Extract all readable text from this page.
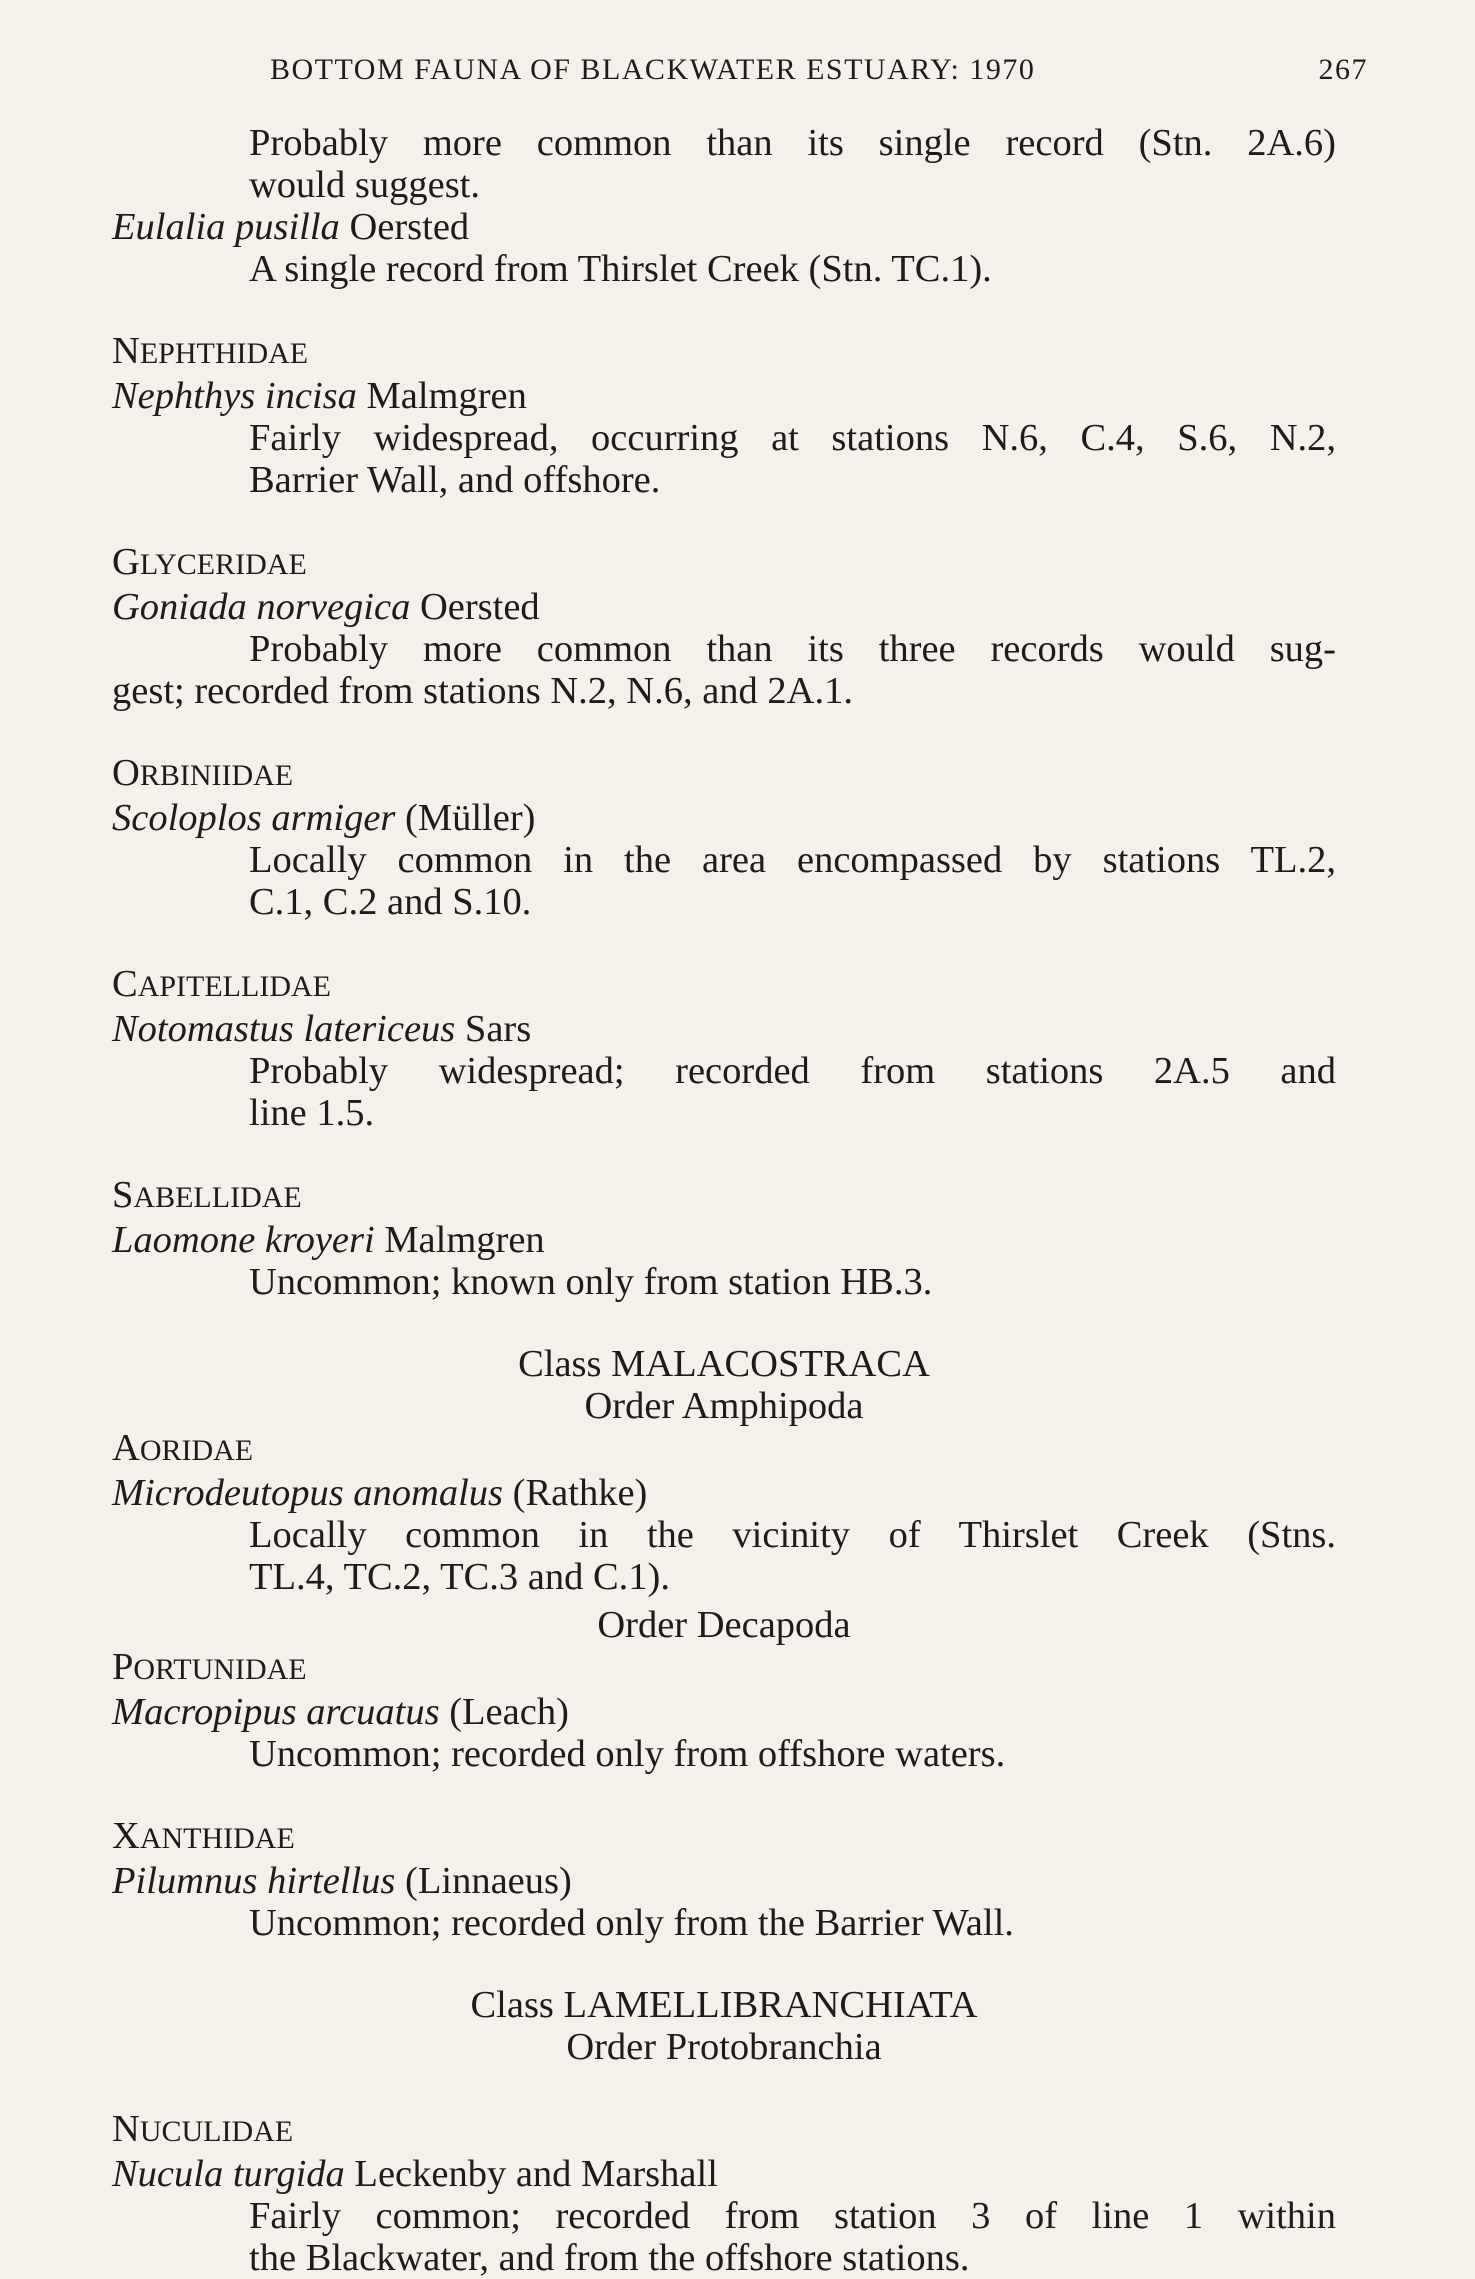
BOTTOM FAUNA OF BLACKWATER ESTUARY: 1970	267
Probably more common than its single record (Stn. 2A.6)
would suggest.
Eulalia pusilla Oersted
A single record from Thirslet Creek (Stn. TC.1).
NEPHTHIDAE
Nephthys incisa Malmgren
Fairly widespread, occurring at stations N.6, C.4, S.6, N.2,
Barrier Wall, and offshore.
GLYCERIDAE
Goniada norvegica Oersted
Probably more common than its three records would sug-
gest; recorded from stations N.2, N.6, and 2A.1.
ORBINIIDAE
Scoloplos armiger (Müller)
Locally common in the area encompassed by stations TL.2,
C.1, C.2 and S.10.
CAPITELLIDAE
Notomastus latericeus Sars
Probably widespread; recorded from stations 2A.5 and
line 1.5.
SABELLIDAE
Laomone kroyeri Malmgren
Uncommon; known only from station HB.3.
Class MALACOSTRACA
Order Amphipoda
AORIDAE
Microdeutopus anomalus (Rathke)
Locally common in the vicinity of Thirslet Creek (Stns.
TL.4, TC.2, TC.3 and C.1).
Order Decapoda
PORTUNIDAE
Macropipus arcuatus (Leach)
Uncommon; recorded only from offshore waters.
XANTHIDAE
Pilumnus hirtellus (Linnaeus)
Uncommon; recorded only from the Barrier Wall.
Class LAMELLIBRANCHIATA
Order Protobranchia
NUCULIDAE
Nucula turgida Leckenby and Marshall
Fairly common; recorded from station 3 of line 1 within
the Blackwater, and from the offshore stations.
